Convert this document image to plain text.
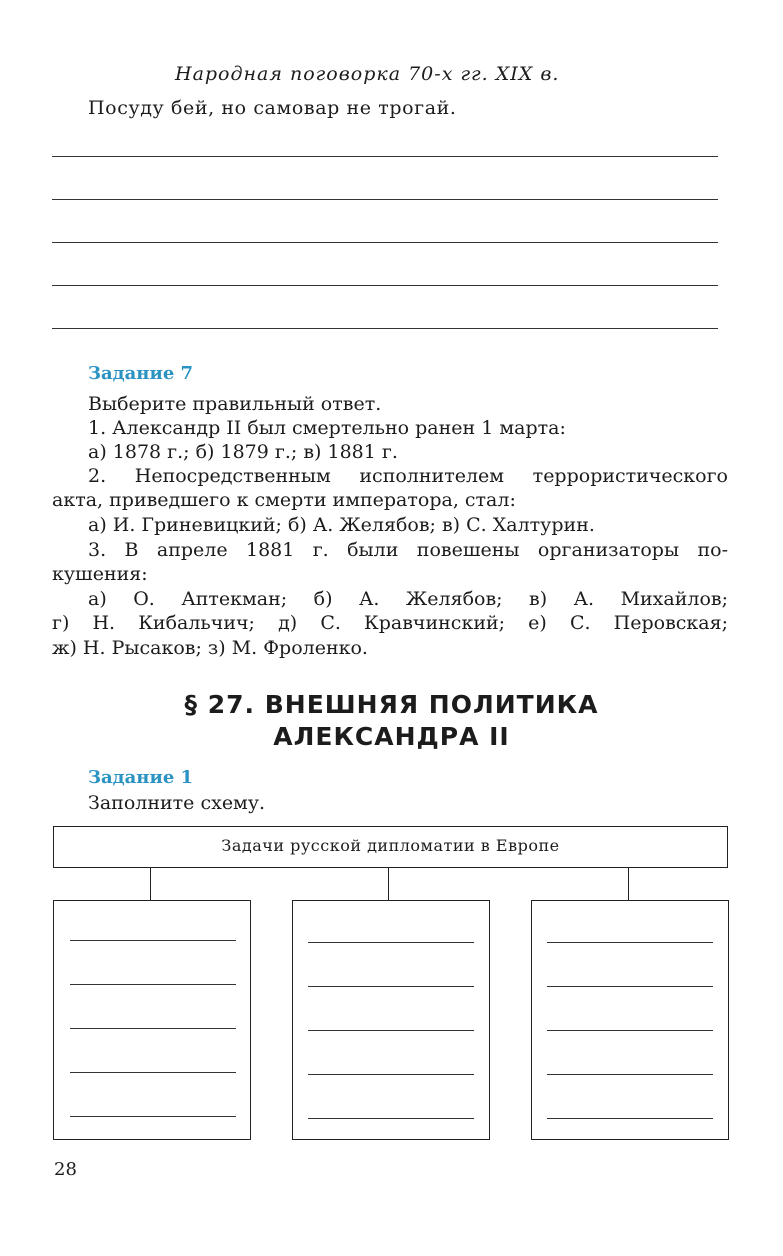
Народная поговорка 70-х гг. XIX в.
Посуду бей, но самовар не трогай.
Задание 7
Выберите правильный ответ.
1. Александр II был смертельно ранен 1 марта:
а) 1878 г.; б) 1879 г.; в) 1881 г.
2. Непосредственным исполнителем террористического
акта, приведшего к смерти императора, стал:
а) И. Гриневицкий; б) А. Желябов; в) С. Халтурин.
3. В апреле 1881 г. были повешены организаторы по-
кушения:
а) О. Аптекман; б) А. Желябов; в) А. Михайлов;
г) Н. Кибальчич; д) С. Кравчинский; е) С. Перовская;
ж) Н. Рысаков; з) М. Фроленко.
§ 27. ВНЕШНЯЯ ПОЛИТИКА
АЛЕКСАНДРА II
Задание 1
Заполните схему.
Задачи русской дипломатии в Европе
28
